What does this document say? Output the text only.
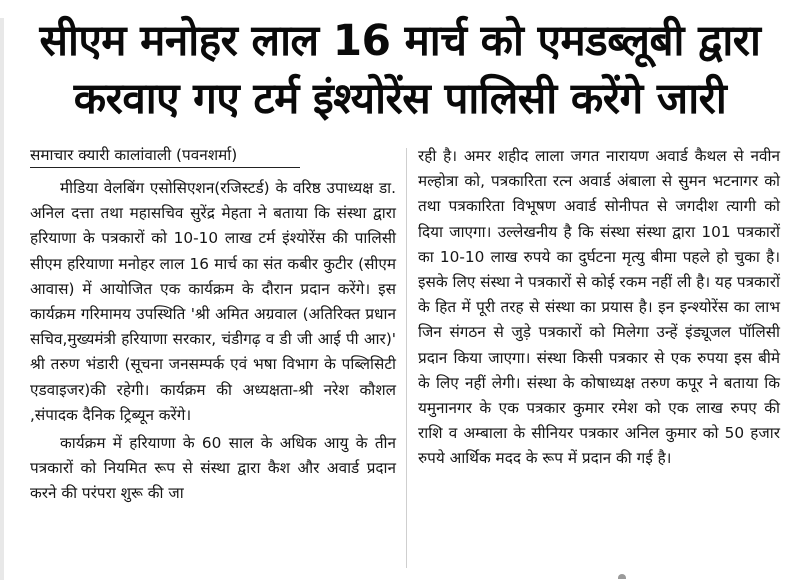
सीएम मनोहर लाल 16 मार्च को एमडब्लूबी द्वारा
करवाए गए टर्म इंश्योरेंस पालिसी करेंगे जारी
समाचार क्यारी कालांवाली (पवनशर्मा)

मीडिया वेलबिंग एसोसिएशन(रजिस्टर्ड) के वरिष्ठ उपाध्यक्ष डा. अनिल दत्ता तथा महासचिव सुरेंद्र मेहता ने बताया कि संस्था द्वारा हरियाणा के पत्रकारों को 10-10 लाख टर्म इंश्योरेंस की पालिसी सीएम हरियाणा मनोहर लाल 16 मार्च का संत कबीर कुटीर (सीएम आवास) में आयोजित एक कार्यक्रम के दौरान प्रदान करेंगे। इस कार्यक्रम गरिमामय उपस्थिति 'श्री अमित अग्रवाल (अतिरिक्त प्रधान सचिव,मुख्यमंत्री हरियाणा सरकार, चंडीगढ़ व डी जी आई पी आर)' श्री तरुण भंडारी (सूचना जनसम्पर्क एवं भषा विभाग के पब्लिसिटी एडवाइजर)की रहेगी। कार्यक्रम की अध्यक्षता-श्री नरेश कौशल ,संपादक दैनिक ट्रिब्यून करेंगे।

कार्यक्रम में हरियाणा के 60 साल के अधिक आयु के तीन पत्रकारों को नियमित रूप से संस्था द्वारा कैश और अवार्ड प्रदान करने की परंपरा शुरू की जा

रही है। अमर शहीद लाला जगत नारायण अवार्ड कैथल से नवीन मल्होत्रा को, पत्रकारिता रत्न अवार्ड अंबाला से सुमन भटनागर को तथा पत्रकारिता विभूषण अवार्ड सोनीपत से जगदीश त्यागी को दिया जाएगा। उल्लेखनीय है कि संस्था संस्था द्वारा 101 पत्रकारों का 10-10 लाख रुपये का दुर्घटना मृत्यु बीमा पहले हो चुका है। इसके लिए संस्था ने पत्रकारों से कोई रकम नहीं ली है। यह पत्रकारों के हित में पूरी तरह से संस्था का प्रयास है। इन इन्श्योरेंस का लाभ जिन संगठन से जुड़े पत्रकारों को मिलेगा उन्हें इंड्यूजल पॉलिसी प्रदान किया जाएगा। संस्था किसी पत्रकार से एक रुपया इस बीमे के लिए नहीं लेगी। संस्था के कोषाध्यक्ष तरुण कपूर ने बताया कि यमुनानगर के एक पत्रकार कुमार रमेश को एक लाख रुपए की राशि व अम्बाला के सीनियर पत्रकार अनिल कुमार को 50 हजार रुपये आर्थिक मदद के रूप में प्रदान की गई है।
